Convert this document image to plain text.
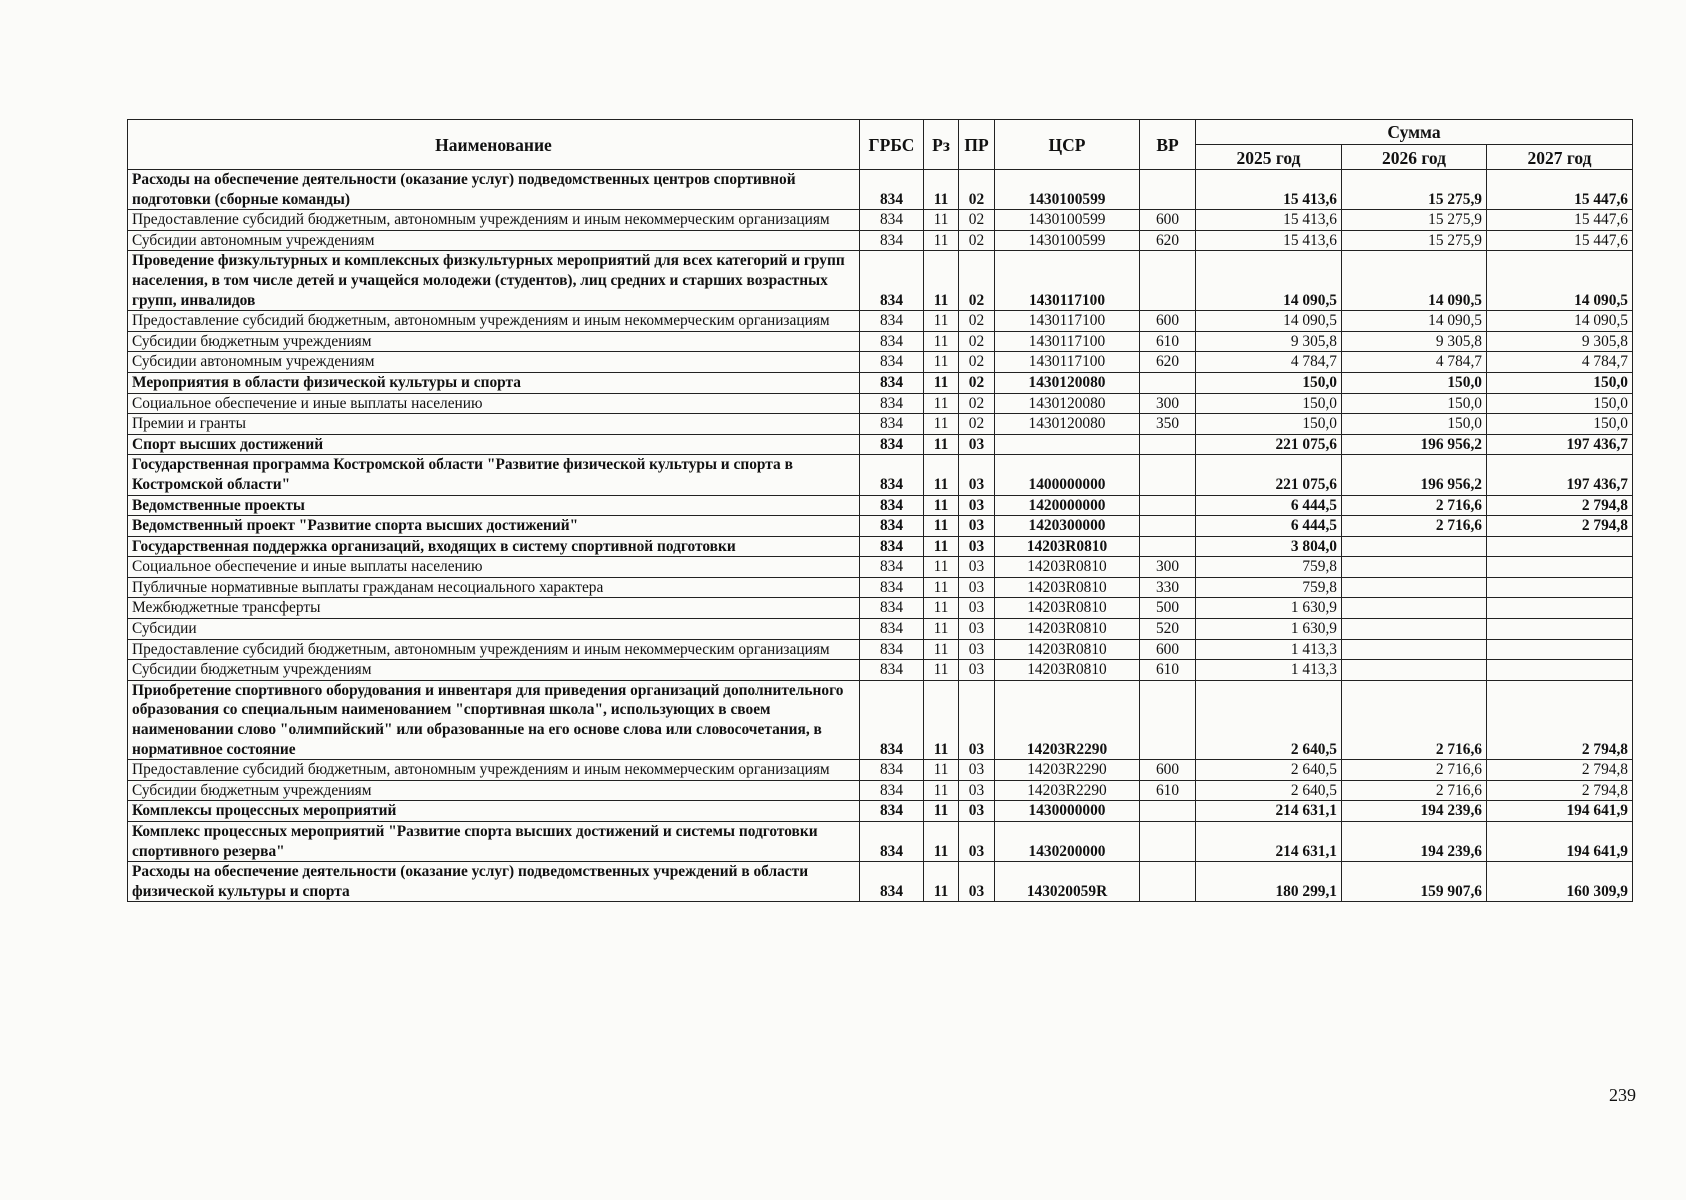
Наименование	ГРБС	Рз	ПР	ЦСР	ВР	Сумма		
						2025 год	2026 год	2027 год
Расходы на обеспечение деятельности (оказание услуг) подведомственных центров спортивной подготовки (сборные команды)	834	11	02	1430100599		15 413,6	15 275,9	15 447,6
Предоставление субсидий бюджетным, автономным учреждениям и иным некоммерческим организациям	834	11	02	1430100599	600	15 413,6	15 275,9	15 447,6
Субсидии автономным учреждениям	834	11	02	1430100599	620	15 413,6	15 275,9	15 447,6
Проведение физкультурных и комплексных физкультурных мероприятий для всех категорий и групп населения, в том числе детей и учащейся молодежи (студентов), лиц средних и старших возрастных групп, инвалидов	834	11	02	1430117100		14 090,5	14 090,5	14 090,5
Предоставление субсидий бюджетным, автономным учреждениям и иным некоммерческим организациям	834	11	02	1430117100	600	14 090,5	14 090,5	14 090,5
Субсидии бюджетным учреждениям	834	11	02	1430117100	610	9 305,8	9 305,8	9 305,8
Субсидии автономным учреждениям	834	11	02	1430117100	620	4 784,7	4 784,7	4 784,7
Мероприятия в области физической культуры и спорта	834	11	02	1430120080		150,0	150,0	150,0
Социальное обеспечение и иные выплаты населению	834	11	02	1430120080	300	150,0	150,0	150,0
Премии и гранты	834	11	02	1430120080	350	150,0	150,0	150,0
Спорт высших достижений	834	11	03			221 075,6	196 956,2	197 436,7
Государственная программа Костромской области "Развитие физической культуры и спорта в Костромской области"	834	11	03	1400000000		221 075,6	196 956,2	197 436,7
Ведомственные проекты	834	11	03	1420000000		6 444,5	2 716,6	2 794,8
Ведомственный проект "Развитие спорта высших достижений"	834	11	03	1420300000		6 444,5	2 716,6	2 794,8
Государственная поддержка организаций, входящих в систему спортивной подготовки	834	11	03	14203R0810		3 804,0		
Социальное обеспечение и иные выплаты населению	834	11	03	14203R0810	300	759,8		
Публичные нормативные выплаты гражданам несоциального характера	834	11	03	14203R0810	330	759,8		
Межбюджетные трансферты	834	11	03	14203R0810	500	1 630,9		
Субсидии	834	11	03	14203R0810	520	1 630,9		
Предоставление субсидий бюджетным, автономным учреждениям и иным некоммерческим организациям	834	11	03	14203R0810	600	1 413,3		
Субсидии бюджетным учреждениям	834	11	03	14203R0810	610	1 413,3		
Приобретение спортивного оборудования и инвентаря для приведения организаций дополнительного образования со специальным наименованием "спортивная школа", использующих в своем наименовании слово "олимпийский" или образованные на его основе слова или словосочетания, в нормативное состояние	834	11	03	14203R2290		2 640,5	2 716,6	2 794,8
Предоставление субсидий бюджетным, автономным учреждениям и иным некоммерческим организациям	834	11	03	14203R2290	600	2 640,5	2 716,6	2 794,8
Субсидии бюджетным учреждениям	834	11	03	14203R2290	610	2 640,5	2 716,6	2 794,8
Комплексы процессных мероприятий	834	11	03	1430000000		214 631,1	194 239,6	194 641,9
Комплекс процессных мероприятий "Развитие спорта высших достижений и системы подготовки спортивного резерва"	834	11	03	1430200000		214 631,1	194 239,6	194 641,9
Расходы на обеспечение деятельности (оказание услуг) подведомственных учреждений в области физической культуры и спорта	834	11	03	143020059R		180 299,1	159 907,6	160 309,9
239
